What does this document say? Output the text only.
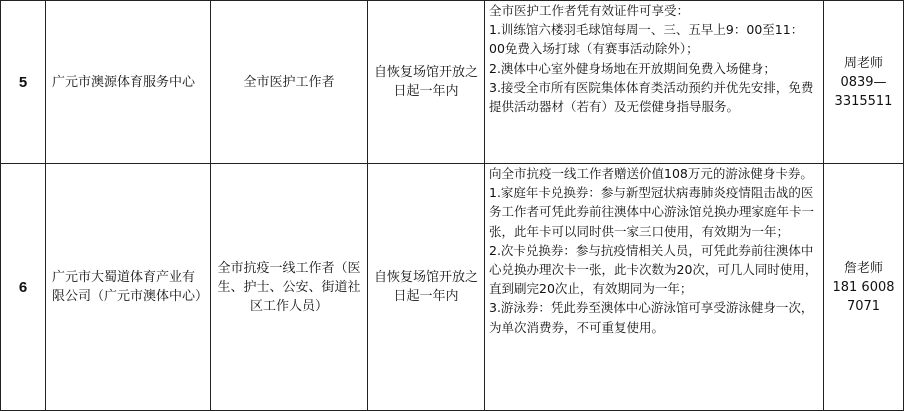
5	广元市澳源体育服务中心	全市医护工作者	自恢复场馆开放之日起一年内	全市医护工作者凭有效证件可享受：
1.训练馆六楼羽毛球馆每周一、三、五早上9：00至11：00免费入场打球（有赛事活动除外）；
2.澳体中心室外健身场地在开放期间免费入场健身；
3.接受全市所有医院集体体育类活动预约并优先安排，免费提供活动器材（若有）及无偿健身指导服务。	周老师
0839—3315511

6	广元市大蜀道体育产业有限公司（广元市澳体中心）	全市抗疫一线工作者（医生、护士、公安、街道社区工作人员）	自恢复场馆开放之日起一年内	向全市抗疫一线工作者赠送价值108万元的游泳健身卡券。
1.家庭年卡兑换券：参与新型冠状病毒肺炎疫情阻击战的医务工作者可凭此券前往澳体中心游泳馆兑换办理家庭年卡一张，此年卡可以同时供一家三口使用，有效期为一年；
2.次卡兑换券：参与抗疫情相关人员，可凭此券前往澳体中心兑换办理次卡一张，此卡次数为20次，可几人同时使用，直到刷完20次止，有效期同为一年；
3.游泳券：凭此券至澳体中心游泳馆可享受游泳健身一次，为单次消费券，不可重复使用。	詹老师
181 6008 7071
